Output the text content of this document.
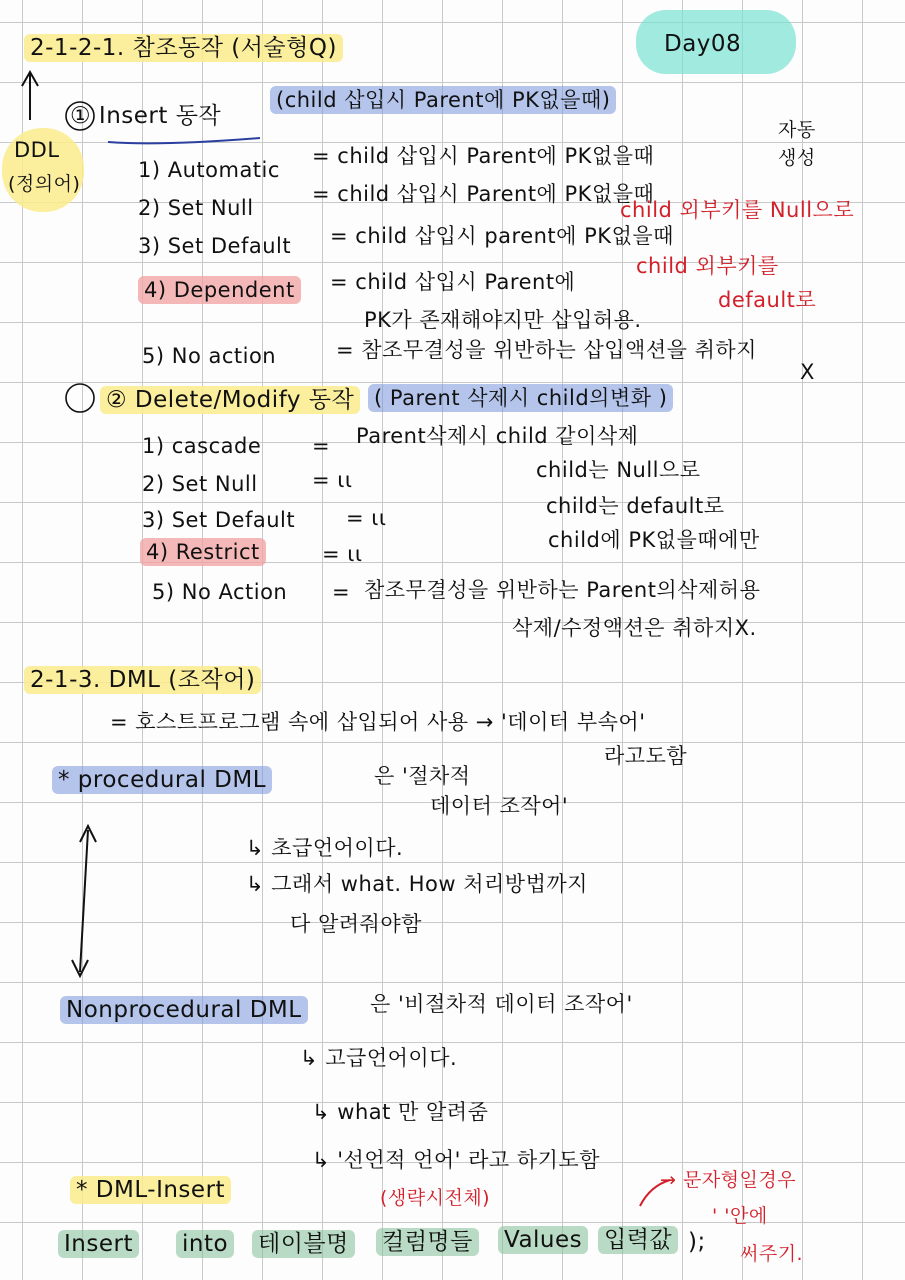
2-1-2-1. 참조동작 (서술형Q)	Day08
DDL
(정의어)
① Insert 동작
(child 삽입시 Parent에 PK없을때)
1) Automatic
= child 삽입시 Parent에 PK없을때
자동 생성
2) Set Null
= child 삽입시 Parent에 PK없을때
child 외부키를 Null으로
3) Set Default = child 삽입시 parent에 PK없을때
child 외부키를
default로
4) Dependent = child 삽입시 Parent에
PK가 존재해야지만 삽입허용.
5) No action	= 참조무결성을 위반하는 삽입액션을 취하지
X
② Delete/Modify 동작 ( Parent 삭제시 child의변화 )
1) cascade = Parent삭제시 child 같이삭제
2) Set Null	= ιι	child는 Null으로
3) Set Default = ιι	child는 default로
4) Restrict	= ιι
child에 PK없을때에만
5) No Action = 참조무결성을 위반하는 Parent의삭제허용
삭제/수정액션은 취하지X.
2-1-3. DML (조작어)
= 호스트프로그램 속에 삽입되어 사용 → '데이터 부속어'
라고도함
* procedural DML	은 '절차적
데이터 조작어'
↳ 초급언어이다.
↳ 그래서 what. How 처리방법까지
다 알려줘야함
Nonprocedural DML	은 '비절차적 데이터 조작어'
↳ 고급언어이다.
↳ what 만 알려줌
↳ '선언적 언어' 라고 하기도함
* DML-Insert	(생략시전체)
→ 문자형일경우
' '안에
써주기.
Insert into 테이블명 컬럼명들 Values 입력값 );
